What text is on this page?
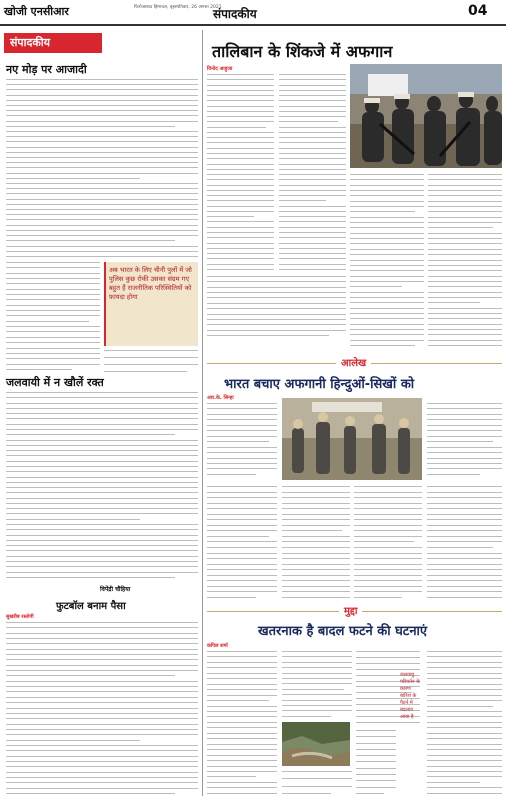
खोजी एनसीआर	फिरोजाबाद हिमाचल, बृहस्पतिवार, 26 अगस्त 2021
संपादकीय	04
संपादकीय
नए मोड़ पर आजादी
अब भारत के लिए चीनी पुलों में जो पुलिस कुछ रोकी उसका संग्रम गए बहुत हैं राजनीतिक परिस्थितियों को फ़ायदा होगा
जलवायी में न खौलें रक्त
विपेंद्री चौहिया
फुटबॉल बनाम पैसा
सुखरीब रस्तोगी
तालिबान के शिंकजे में अफगान
विनोद आहुजा
आलेख
भारत बचाए अफगानी हिन्दुओं-सिखों को
आर.के. सिन्हा
मुद्दा
खतरनाक है बादल फटने की घटनाएं
कपिल शर्मा
जलवायु परिवर्तन के कारण बारिश के पैटर्न में बदलाव आया है
